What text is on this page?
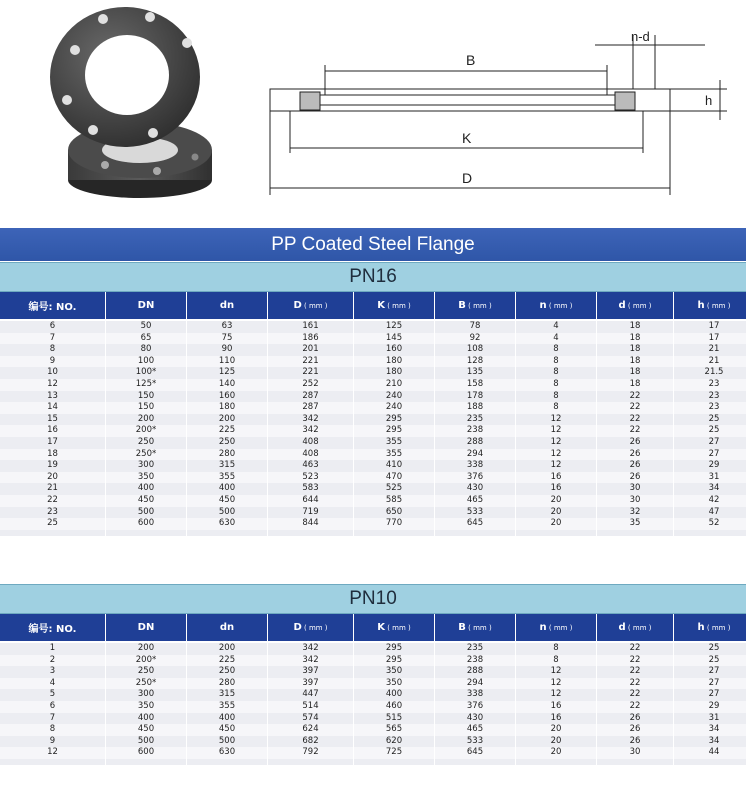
B
K
D
n-d
h
PP Coated Steel Flange
PN16
编号: NO.	DN	dn	D ( mm )	K ( mm )	B ( mm )	n ( mm )	d ( mm )	h ( mm )
6	50	63	161	125	78	4	18	17
7	65	75	186	145	92	4	18	17
8	80	90	201	160	108	8	18	21
9	100	110	221	180	128	8	18	21
10	100*	125	221	180	135	8	18	21.5
12	125*	140	252	210	158	8	18	23
13	150	160	287	240	178	8	22	23
14	150	180	287	240	188	8	22	23
15	200	200	342	295	235	12	22	25
16	200*	225	342	295	238	12	22	25
17	250	250	408	355	288	12	26	27
18	250*	280	408	355	294	12	26	27
19	300	315	463	410	338	12	26	29
20	350	355	523	470	376	16	26	31
21	400	400	583	525	430	16	30	34
22	450	450	644	585	465	20	30	42
23	500	500	719	650	533	20	32	47
25	600	630	844	770	645	20	35	52

PN10
编号: NO.	DN	dn	D ( mm )	K ( mm )	B ( mm )	n ( mm )	d ( mm )	h ( mm )
1	200	200	342	295	235	8	22	25
2	200*	225	342	295	238	8	22	25
3	250	250	397	350	288	12	22	27
4	250*	280	397	350	294	12	22	27
5	300	315	447	400	338	12	22	27
6	350	355	514	460	376	16	22	29
7	400	400	574	515	430	16	26	31
8	450	450	624	565	465	20	26	34
9	500	500	682	620	533	20	26	34
12	600	630	792	725	645	20	30	44
